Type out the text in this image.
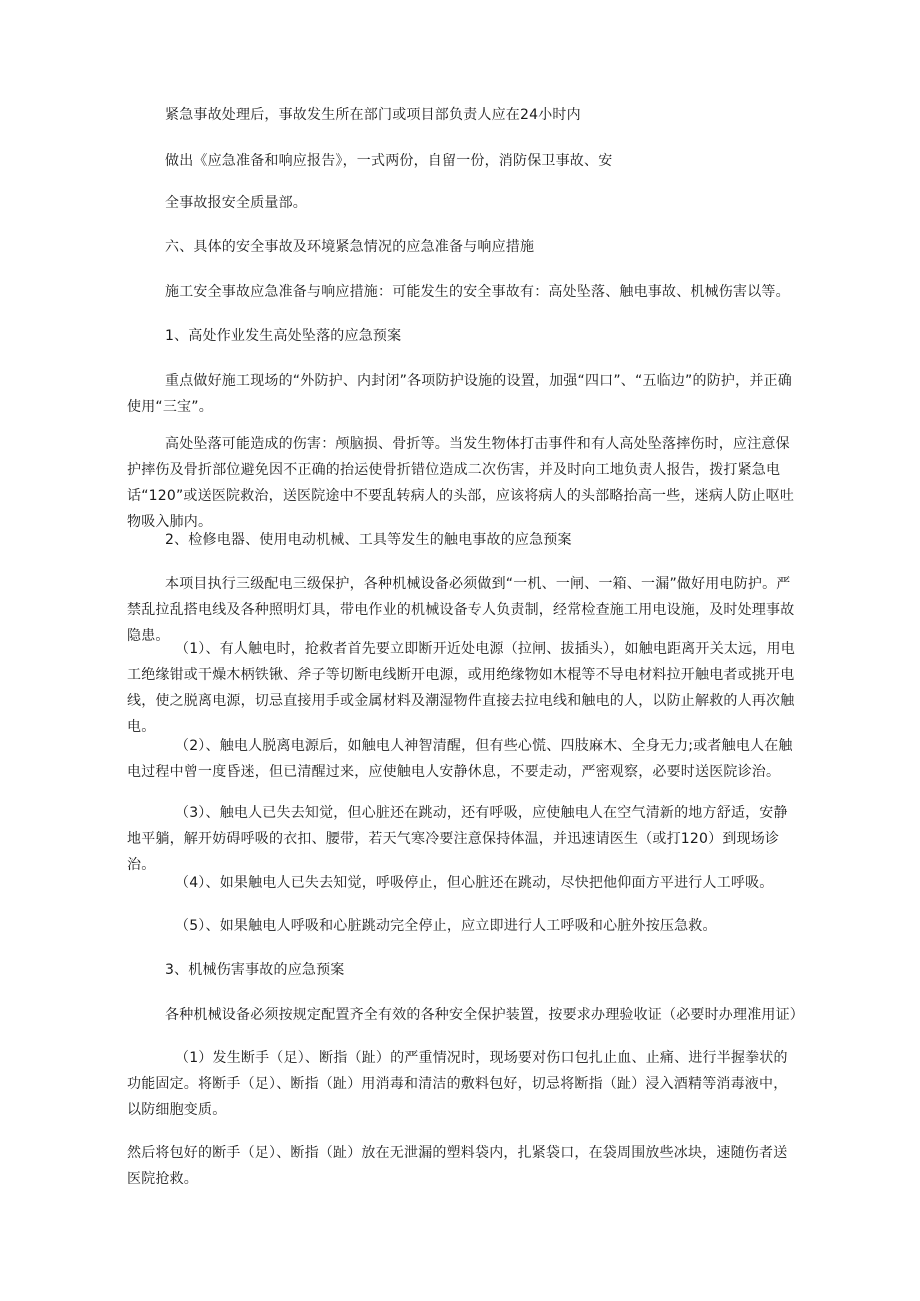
紧急事故处理后，事故发生所在部门或项目部负责人应在24小时内

做出《应急准备和响应报告》，一式两份，自留一份，消防保卫事故、安

全事故报安全质量部。

六、具体的安全事故及环境紧急情况的应急准备与响应措施

施工安全事故应急准备与响应措施：可能发生的安全事故有：高处坠落、触电事故、机械伤害以等。

1、高处作业发生高处坠落的应急预案

重点做好施工现场的“外防护、内封闭”各项防护设施的设置，加强“四口”、“五临边”的防护，并正确使用“三宝”。

高处坠落可能造成的伤害：颅脑损、骨折等。当发生物体打击事件和有人高处坠落摔伤时，应注意保护摔伤及骨折部位避免因不正确的抬运使骨折错位造成二次伤害，并及时向工地负责人报告，拨打紧急电话“120”或送医院救治，送医院途中不要乱转病人的头部，应该将病人的头部略抬高一些，迷病人防止呕吐物吸入肺内。

2、检修电器、使用电动机械、工具等发生的触电事故的应急预案

本项目执行三级配电三级保护，各种机械设备必须做到“一机、一闸、一箱、一漏”做好用电防护。严禁乱拉乱搭电线及各种照明灯具，带电作业的机械设备专人负责制，经常检查施工用电设施，及时处理事故隐患。

（1）、有人触电时，抢救者首先要立即断开近处电源（拉闸、拔插头），如触电距离开关太远，用电工绝缘钳或干燥木柄铁锹、斧子等切断电线断开电源，或用绝缘物如木棍等不导电材料拉开触电者或挑开电线，使之脱离电源，切忌直接用手或金属材料及潮湿物件直接去拉电线和触电的人，以防止解救的人再次触电。

（2）、触电人脱离电源后，如触电人神智清醒，但有些心慌、四肢麻木、全身无力;或者触电人在触电过程中曾一度昏迷，但已清醒过来，应使触电人安静休息，不要走动，严密观察，必要时送医院诊治。

（3）、触电人已失去知觉，但心脏还在跳动，还有呼吸，应使触电人在空气清新的地方舒适，安静地平躺，解开妨碍呼吸的衣扣、腰带，若天气寒冷要注意保持体温，并迅速请医生（或打120）到现场诊治。

（4）、如果触电人已失去知觉，呼吸停止，但心脏还在跳动，尽快把他仰面方平进行人工呼吸。

（5）、如果触电人呼吸和心脏跳动完全停止，应立即进行人工呼吸和心脏外按压急救。

3、机械伤害事故的应急预案

各种机械设备必须按规定配置齐全有效的各种安全保护装置，按要求办理验收证（必要时办理准用证）

（1）发生断手（足）、断指（趾）的严重情况时，现场要对伤口包扎止血、止痛、进行半握拳状的功能固定。将断手（足）、断指（趾）用消毒和清洁的敷料包好，切忌将断指（趾）浸入酒精等消毒液中，以防细胞变质。

然后将包好的断手（足）、断指（趾）放在无泄漏的塑料袋内，扎紧袋口，在袋周围放些冰块，速随伤者送医院抢救。
